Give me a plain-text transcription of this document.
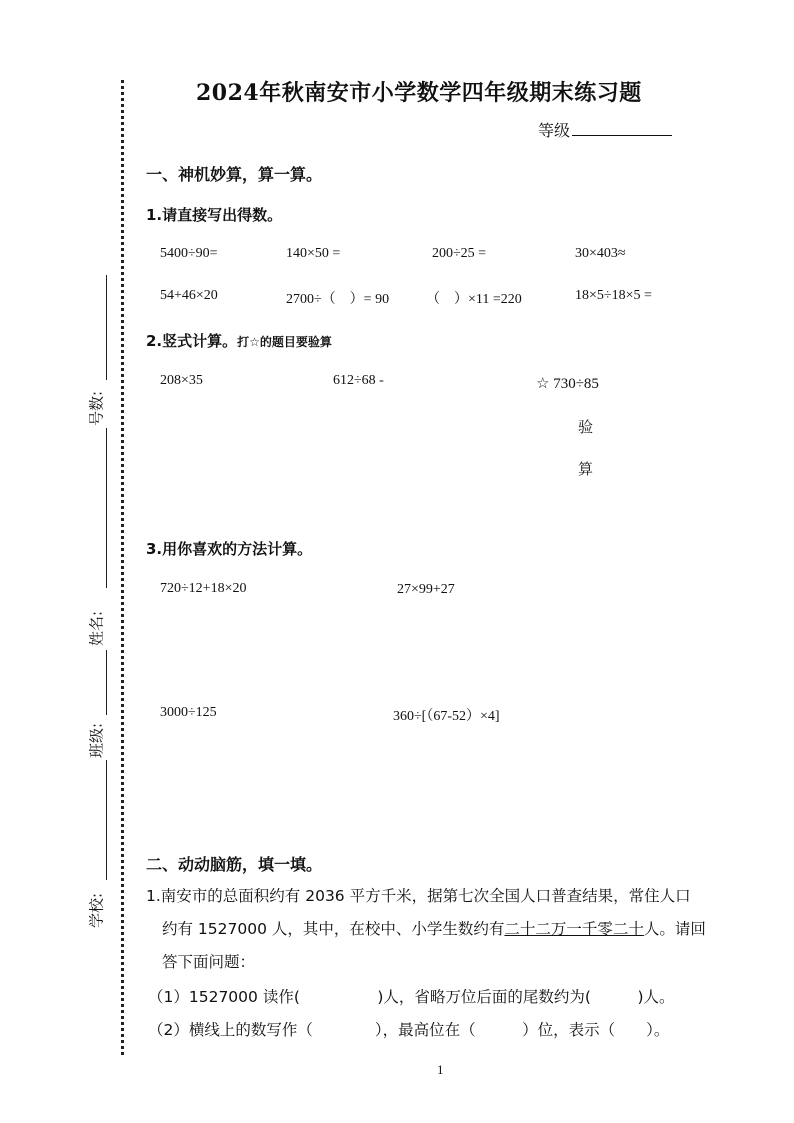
号数:
姓名:
班级:
学校:
2024年秋南安市小学数学四年级期末练习题
等级
一、神机妙算，算一算。
1.请直接写出得数。
5400÷90=	140×50 =	200÷25 =	30×403≈
54+46×20	2700÷（　）= 90	（　）×11 =220	18×5÷18×5 =
2.竖式计算。打☆的题目要验算
208×35	612÷68 -	☆ 730÷85
验
算
3.用你喜欢的方法计算。
720÷12+18×20	27×99+27
3000÷125	360÷[（67-52）×4]
二、动动脑筋，填一填。
1.南安市的总面积约有 2036 平方千米，据第七次全国人口普查结果，常住人口
约有 1527000 人，其中，在校中、小学生数约有二十二万一千零二十人。请回
答下面问题：
（1）1527000 读作(　　　　　)人，省略万位后面的尾数约为(　　　)人。
（2）横线上的数写作（　　　　），最高位在（　　　）位，表示（　　）。
1
